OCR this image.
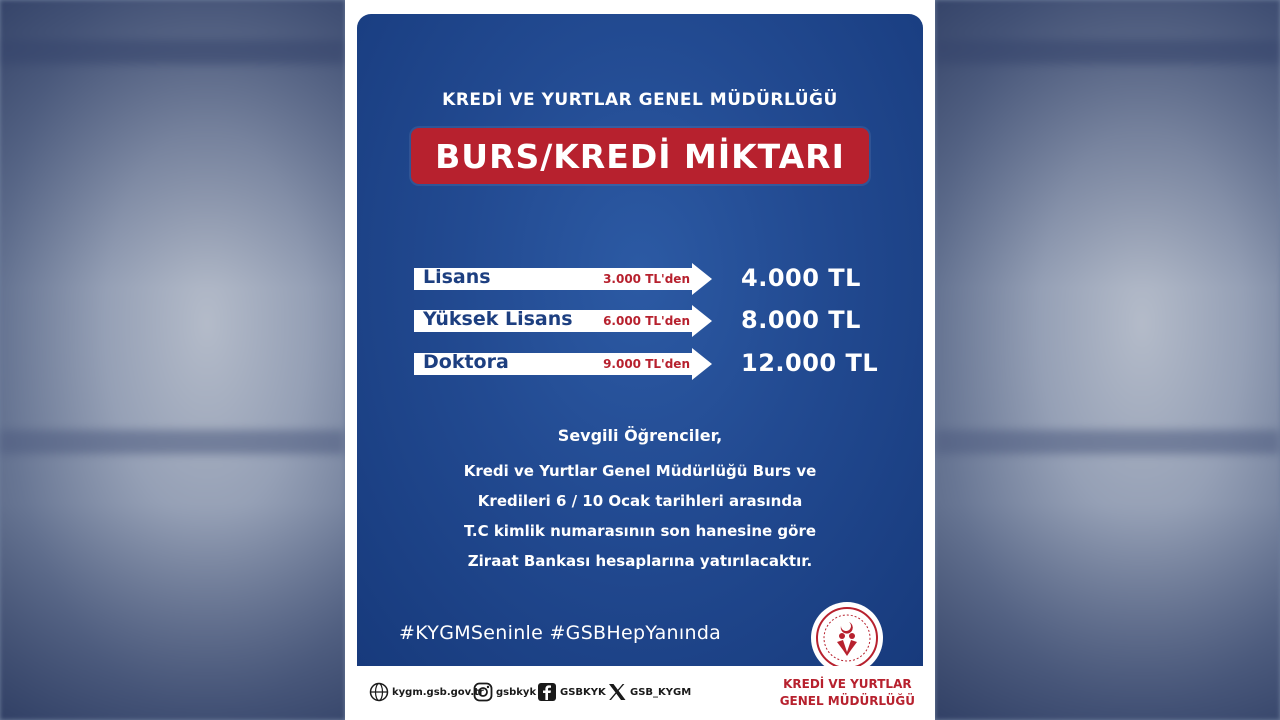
KREDİ VE YURTLAR GENEL MÜDÜRLÜĞÜ
BURS/KREDİ MİKTARI
Lisans	3.000 TL'den 4.000 TL
Yüksek Lisans	6.000 TL'den 8.000 TL
Doktora	9.000 TL'den 12.000 TL
Sevgili Öğrenciler,
Kredi ve Yurtlar Genel Müdürlüğü Burs ve
Kredileri 6 / 10 Ocak tarihleri arasında
T.C kimlik numarasının son hanesine göre
Ziraat Bankası hesaplarına yatırılacaktır.
#KYGMSeninle #GSBHepYanında
kygm.gsb.gov.tr gsbkyk GSBKYK GSB_KYGM
KREDİ VE YURTLAR
GENEL MÜDÜRLÜĞÜ
